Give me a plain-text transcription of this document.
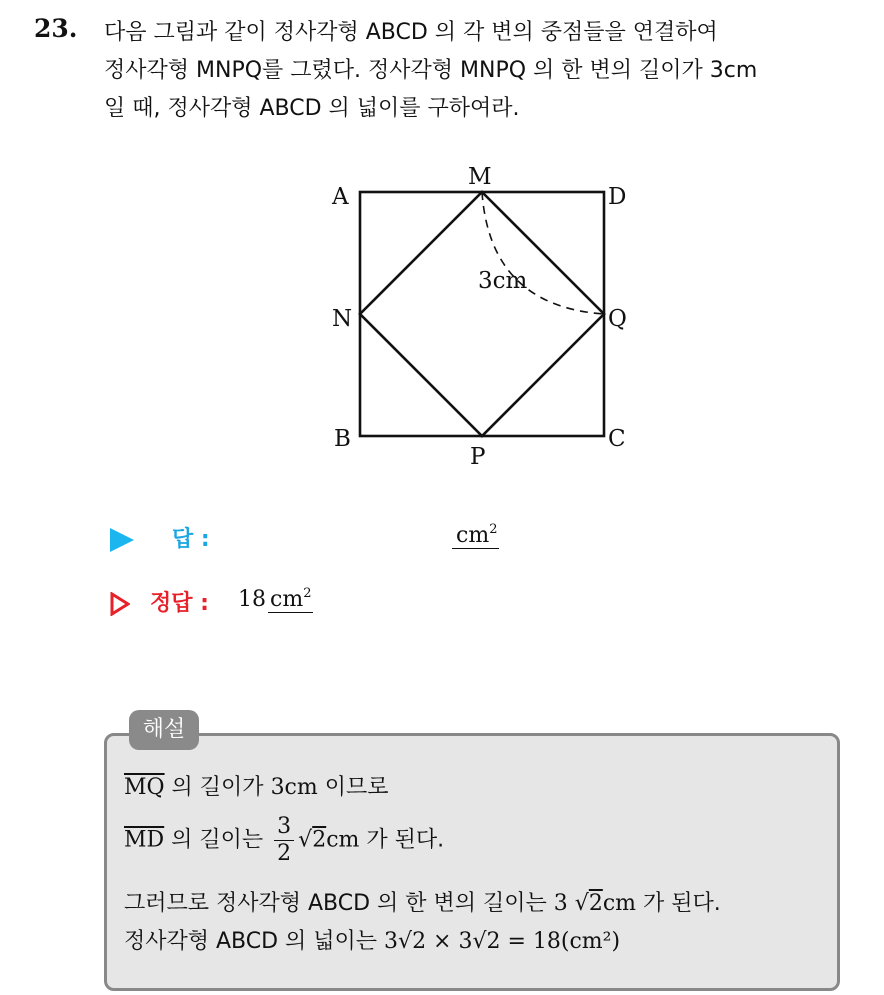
23. 다음 그림과 같이 정사각형 ABCD 의 각 변의 중점들을 연결하여
정사각형 MNPQ를 그렸다. 정사각형 MNPQ 의 한 변의 길이가 3cm
일 때, 정사각형 ABCD 의 넓이를 구하여라.
A
M
D
N	Q
B	C
P
3cm
답 :	$cm^2$
정답 : 18 $cm^2$
해설
$\overline{MQ}$ 의 길이가 3cm 이므로
$\overline{MD}$ 의 길이는 $\frac{3}{2} √2cm$ 가 된다.
그러므로 정사각형 ABCD 의 한 변의 길이는 3 √2cm 가 된다.
정사각형 ABCD 의 넓이는 3√2 × 3√2 = 18(cm²)
